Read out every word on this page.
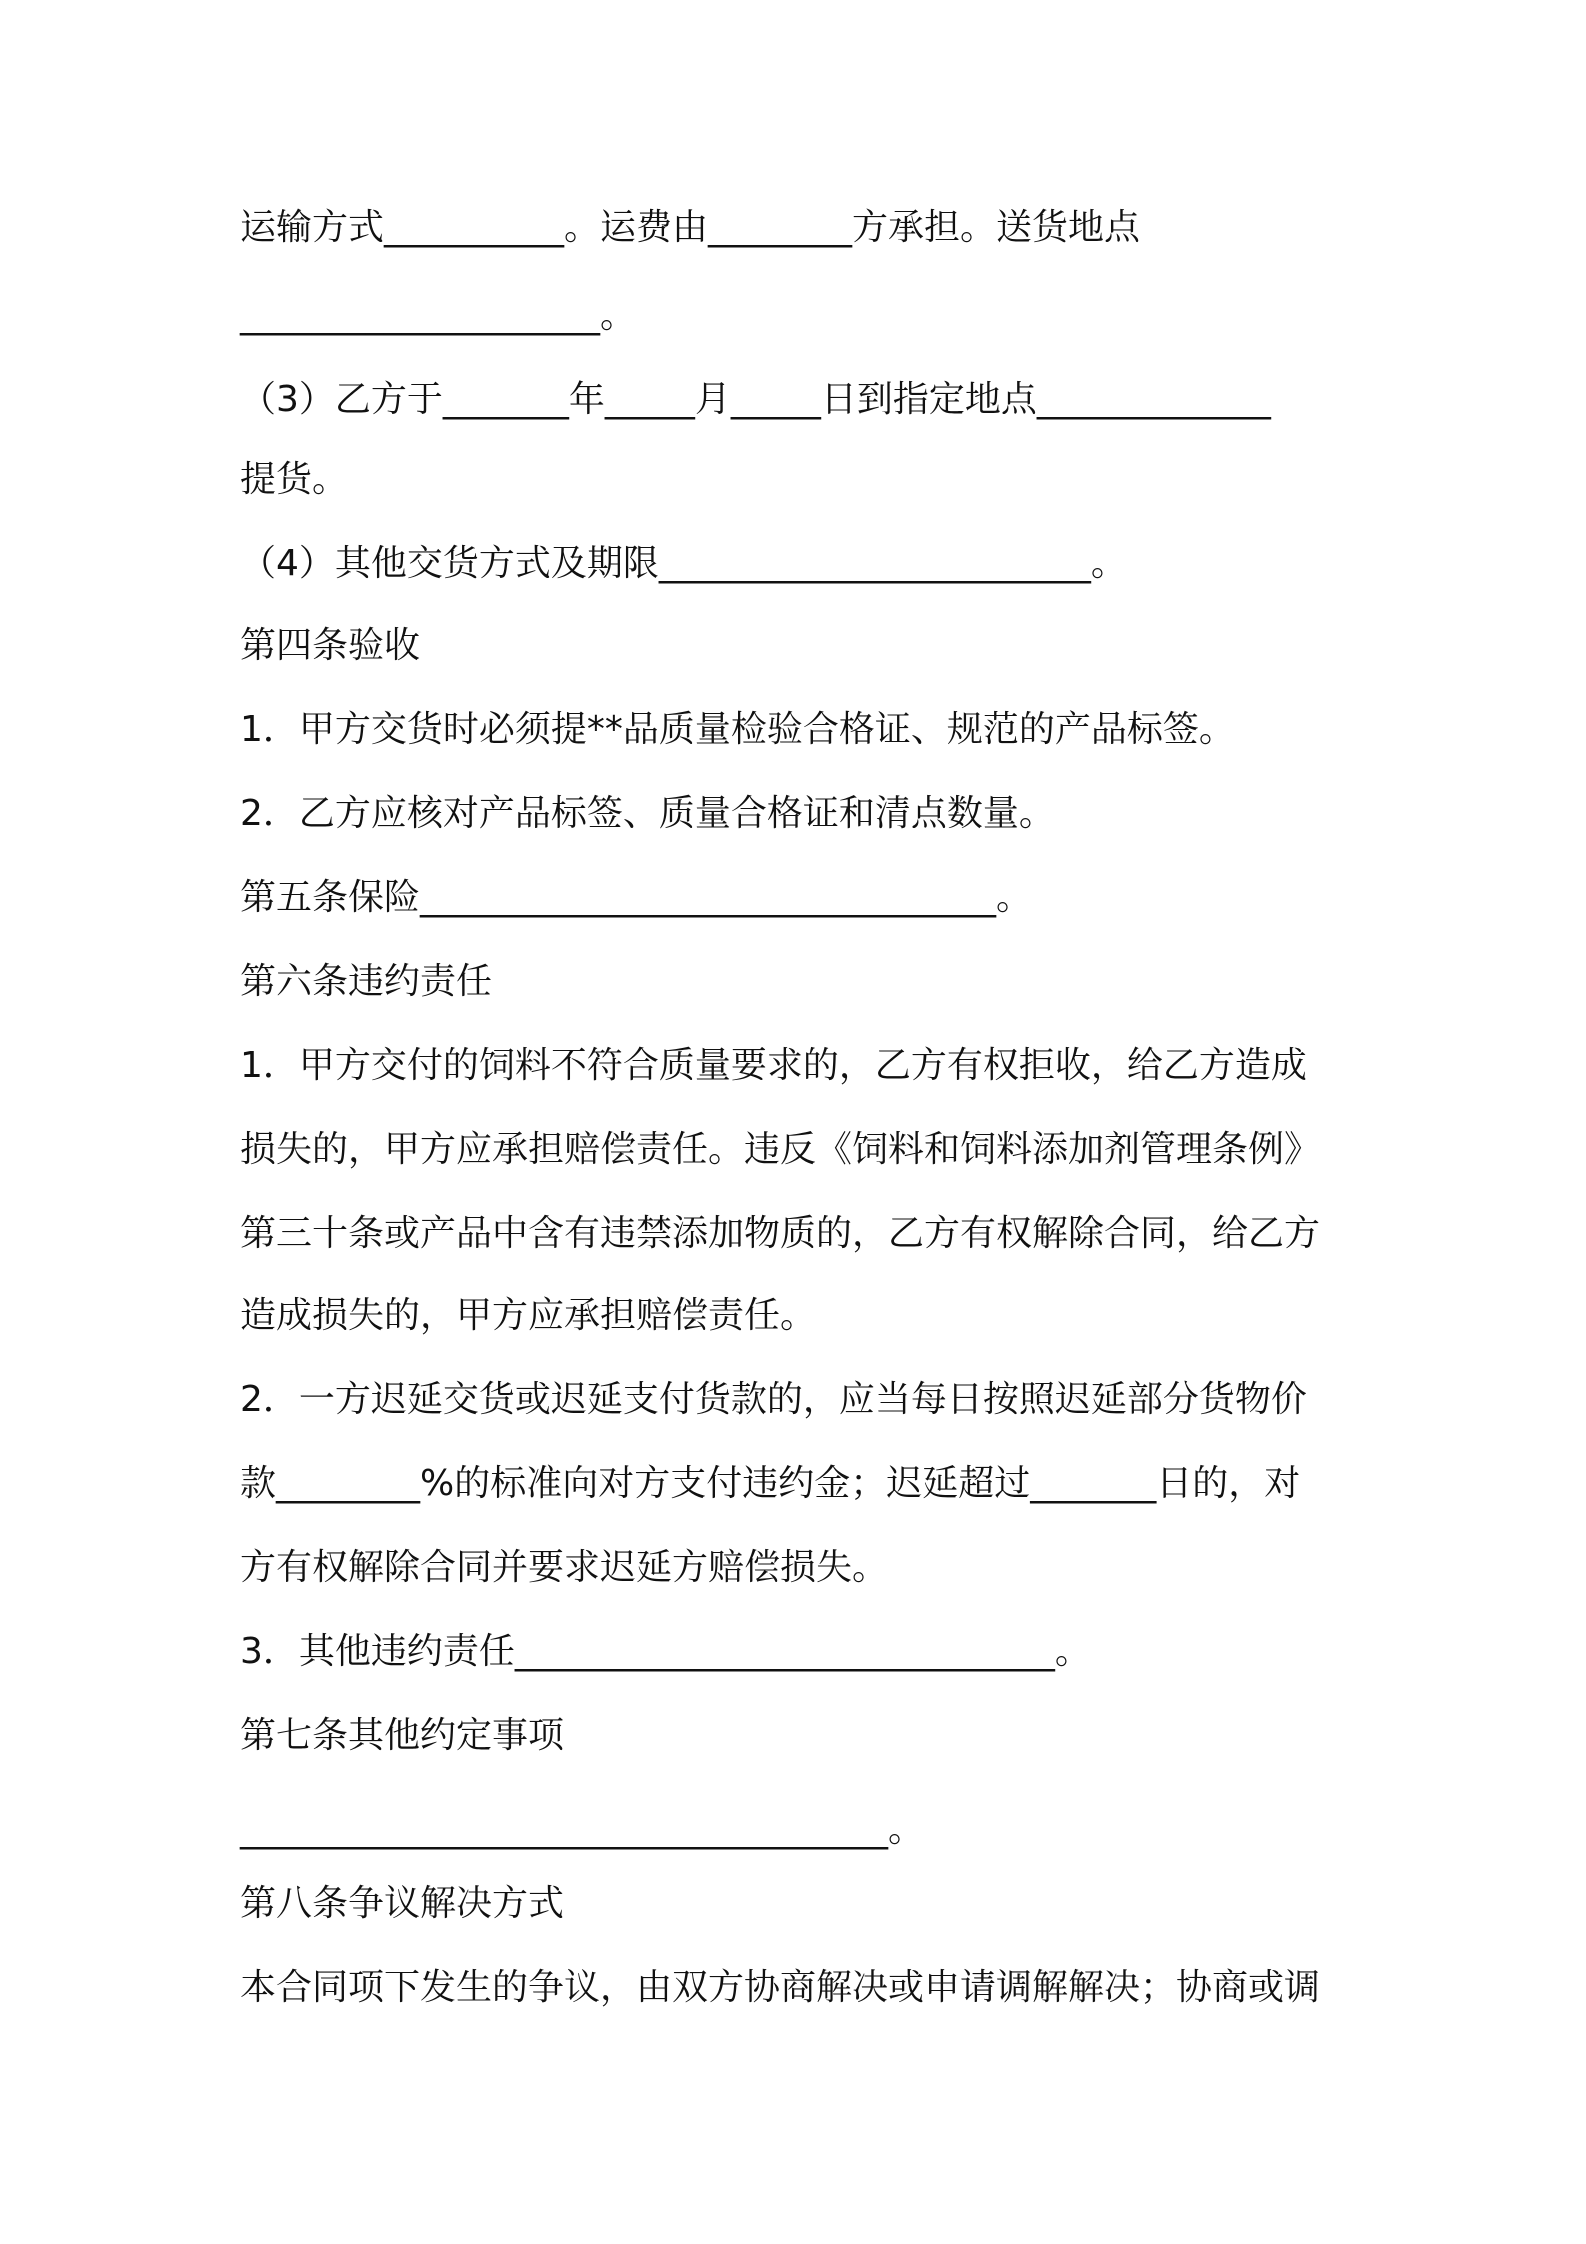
运输方式__________。运费由________方承担。送货地点
____________________。
（3）乙方于_______年_____月_____日到指定地点_____________
提货。
（4）其他交货方式及期限________________________。
第四条验收
1．甲方交货时必须提**品质量检验合格证、规范的产品标签。
2．乙方应核对产品标签、质量合格证和清点数量。
第五条保险________________________________。
第六条违约责任
1．甲方交付的饲料不符合质量要求的，乙方有权拒收，给乙方造成
损失的，甲方应承担赔偿责任。违反《饲料和饲料添加剂管理条例》
第三十条或产品中含有违禁添加物质的，乙方有权解除合同，给乙方
造成损失的，甲方应承担赔偿责任。
2．一方迟延交货或迟延支付货款的，应当每日按照迟延部分货物价
款________%的标准向对方支付违约金；迟延超过_______日的，对
方有权解除合同并要求迟延方赔偿损失。
3．其他违约责任______________________________。
第七条其他约定事项
____________________________________。
第八条争议解决方式
本合同项下发生的争议，由双方协商解决或申请调解解决；协商或调
